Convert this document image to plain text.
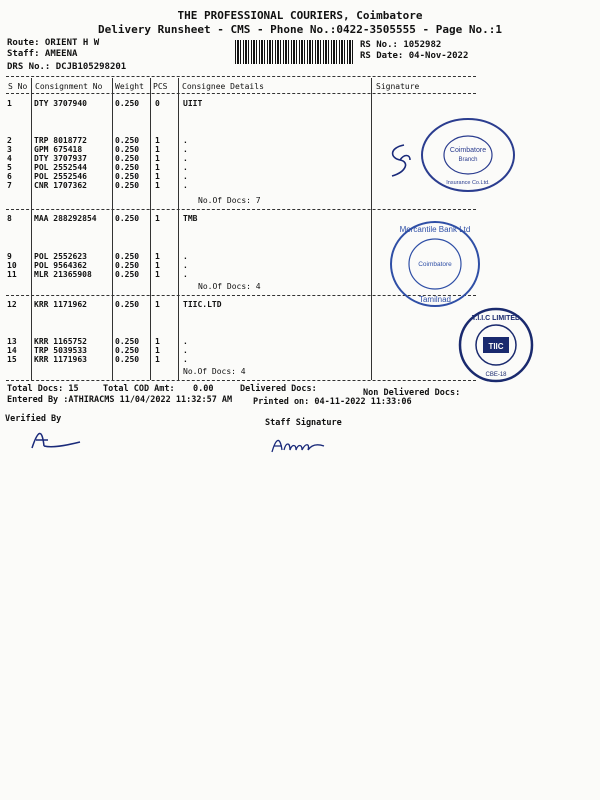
THE PROFESSIONAL COURIERS, Coimbatore
Delivery Runsheet - CMS - Phone No.:0422-3505555 - Page No.:1
Route: ORIENT H W
Staff: AMEENA
DRS No.: DCJB105298201
RS No.: 1052982
RS Date: 04-Nov-2022
S No Consignment No Weight PCS Consignee Details	Signature
1	DTY 3707940	0.250 0	UIIT
2	TRP 8018772	0.250 1	.
3	GPM 675418	0.250 1	.
4	DTY 3707937	0.250 1	.
5	POL 2552544	0.250 1	.
6	POL 2552546	0.250 1	.
7	CNR 1707362	0.250 1	.
No.Of Docs: 7
8	MAA 288292854 0.250 1	TMB
9	POL 2552623	0.250 1	.
10 POL 9564362	0.250 1	.
11 MLR 21365908	0.250 1	.
No.Of Docs: 4
12 KRR 1171962	0.250 1	TIIC.LTD
13 KRR 1165752	0.250 1	.
14 TRP 5039533	0.250 1	.
15 KRR 1171963	0.250 1	.
No.Of Docs: 4
Coimbatore
Branch
Insurance Co.Ltd.
Mercantile Bank Ltd
Tamilnad
Coimbatore
TIIC
T.I.I.C LIMITED
CBE-18
Total Docs: 15	Total COD Amt: 0.00	Delivered Docs:	Non Delivered Docs:
Entered By :ATHIRACMS 11/04/2022 11:32:57 AM Printed on: 04-11-2022 11:33:06
Verified By	Staff Signature
